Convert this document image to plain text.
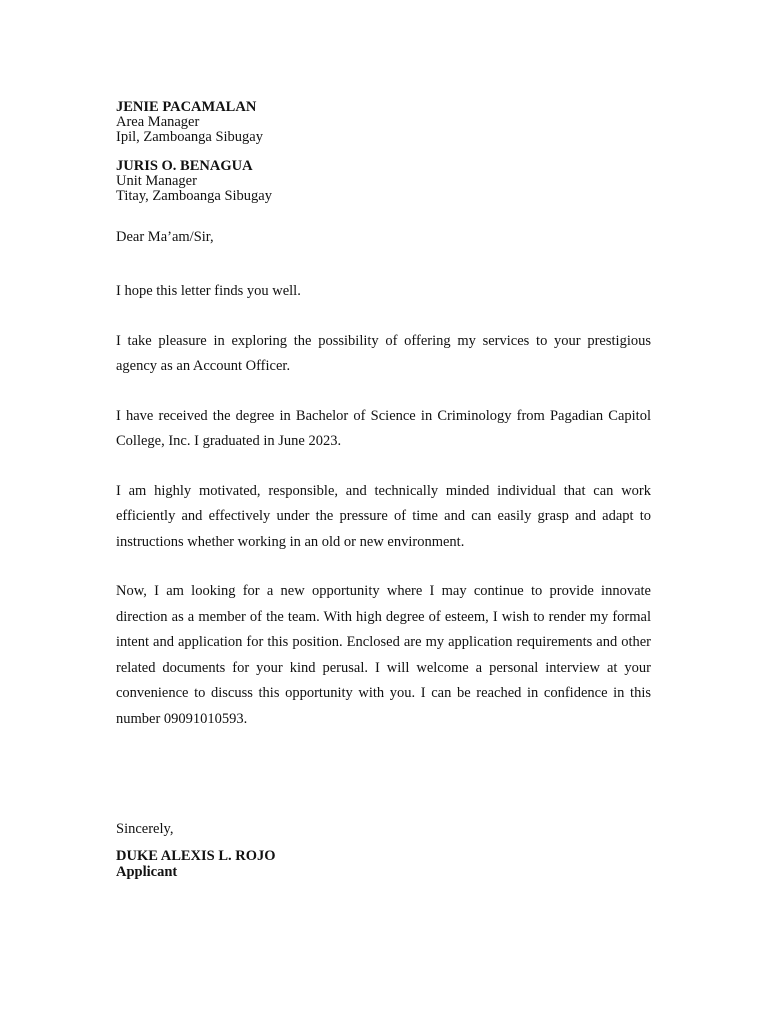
JENIE PACAMALAN
Area Manager
Ipil, Zamboanga Sibugay
JURIS O. BENAGUA
Unit Manager
Titay, Zamboanga Sibugay
Dear Ma’am/Sir,

I hope this letter finds you well.

I take pleasure in exploring the possibility of offering my services to your prestigious agency as an Account Officer.

I have received the degree in Bachelor of Science in Criminology from Pagadian Capitol College, Inc. I graduated in June 2023.

I am highly motivated, responsible, and technically minded individual that can work efficiently and effectively under the pressure of time and can easily grasp and adapt to instructions whether working in an old or new environment.

Now, I am looking for a new opportunity where I may continue to provide innovate direction as a member of the team. With high degree of esteem, I wish to render my formal intent and application for this position. Enclosed are my application requirements and other related documents for your kind perusal. I will welcome a personal interview at your convenience to discuss this opportunity with you. I can be reached in confidence in this number 09091010593.

Sincerely,
DUKE ALEXIS L. ROJO
Applicant
